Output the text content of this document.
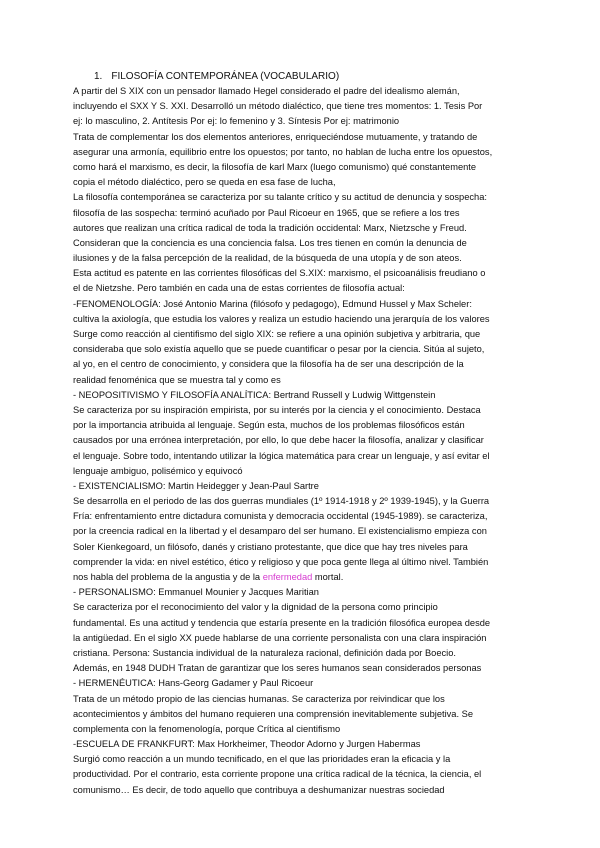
1. FILOSOFÍA CONTEMPORÁNEA (VOCABULARIO)
A partir del S XIX con un pensador llamado Hegel considerado el padre del idealismo alemán,
incluyendo el SXX Y S. XXI. Desarrolló un método dialéctico, que tiene tres momentos: 1. Tesis Por
ej: lo masculino, 2. Antítesis Por ej: lo femenino y 3. Síntesis Por ej: matrimonio
Trata de complementar los dos elementos anteriores, enriqueciéndose mutuamente, y tratando de
asegurar una armonía, equilibrio entre los opuestos; por tanto, no hablan de lucha entre los opuestos,
como hará el marxismo, es decir, la filosofía de karl Marx (luego comunismo) qué constantemente
copia el método dialéctico, pero se queda en esa fase de lucha,
La filosofía contemporánea se caracteriza por su talante crítico y su actitud de denuncia y sospecha:
filosofía de las sospecha: terminó acuñado por Paul Ricoeur en 1965, que se refiere a los tres
autores que realizan una crítica radical de toda la tradición occidental: Marx, Nietzsche y Freud.
Consideran que la conciencia es una conciencia falsa. Los tres tienen en común la denuncia de
ilusiones y de la falsa percepción de la realidad, de la búsqueda de una utopía y de son ateos.
Esta actitud es patente en las corrientes filosóficas del S.XIX: marxismo, el psicoanálisis freudiano o
el de Nietzshe. Pero también en cada una de estas corrientes de filosofía actual:
-FENOMENOLOGÍA: José Antonio Marina (filósofo y pedagogo), Edmund Hussel y Max Scheler:
cultiva la axiología, que estudia los valores y realiza un estudio haciendo una jerarquía de los valores
Surge como reacción al cientifismo del siglo XIX: se refiere a una opinión subjetiva y arbitraria, que
consideraba que solo existía aquello que se puede cuantificar o pesar por la ciencia. Sitúa al sujeto,
al yo, en el centro de conocimiento, y considera que la filosofía ha de ser una descripción de la
realidad fenoménica que se muestra tal y como es
- NEOPOSITIVISMO Y FILOSOFÍA ANALÍTICA: Bertrand Russell y Ludwig Wittgenstein
Se caracteriza por su inspiración empirista, por su interés por la ciencia y el conocimiento. Destaca
por la importancia atribuida al lenguaje. Según esta, muchos de los problemas filosóficos están
causados por una errónea interpretación, por ello, lo que debe hacer la filosofía, analizar y clasificar
el lenguaje. Sobre todo, intentando utilizar la lógica matemática para crear un lenguaje, y así evitar el
lenguaje ambiguo, polisémico y equivocó
- EXISTENCIALISMO: Martin Heidegger y Jean-Paul Sartre
Se desarrolla en el periodo de las dos guerras mundiales (1º 1914-1918 y 2º 1939-1945), y la Guerra
Fría: enfrentamiento entre dictadura comunista y democracia occidental (1945-1989). se caracteriza,
por la creencia radical en la libertad y el desamparo del ser humano. El existencialismo empieza con
Soler Kienkegoard, un filósofo, danés y cristiano protestante, que dice que hay tres niveles para
comprender la vida: en nivel estético, ético y religioso y que poca gente llega al último nivel. También
nos habla del problema de la angustia y de la enfermedad mortal.
- PERSONALISMO: Emmanuel Mounier y Jacques Maritian
Se caracteriza por el reconocimiento del valor y la dignidad de la persona como principio
fundamental. Es una actitud y tendencia que estaría presente en la tradición filosófica europea desde
la antigüedad. En el siglo XX puede hablarse de una corriente personalista con una clara inspiración
cristiana. Persona: Sustancia individual de la naturaleza racional, definición dada por Boecio.
Además, en 1948 DUDH Tratan de garantizar que los seres humanos sean considerados personas
- HERMENÉUTICA: Hans-Georg Gadamer y Paul Ricoeur
Trata de un método propio de las ciencias humanas. Se caracteriza por reivindicar que los
acontecimientos y ámbitos del humano requieren una comprensión inevitablemente subjetiva. Se
complementa con la fenomenología, porque Crítica al cientifismo
-ESCUELA DE FRANKFURT: Max Horkheimer, Theodor Adorno y Jurgen Habermas
Surgió como reacción a un mundo tecnificado, en el que las prioridades eran la eficacia y la
productividad. Por el contrario, esta corriente propone una crítica radical de la técnica, la ciencia, el
comunismo… Es decir, de todo aquello que contribuya a deshumanizar nuestras sociedad
